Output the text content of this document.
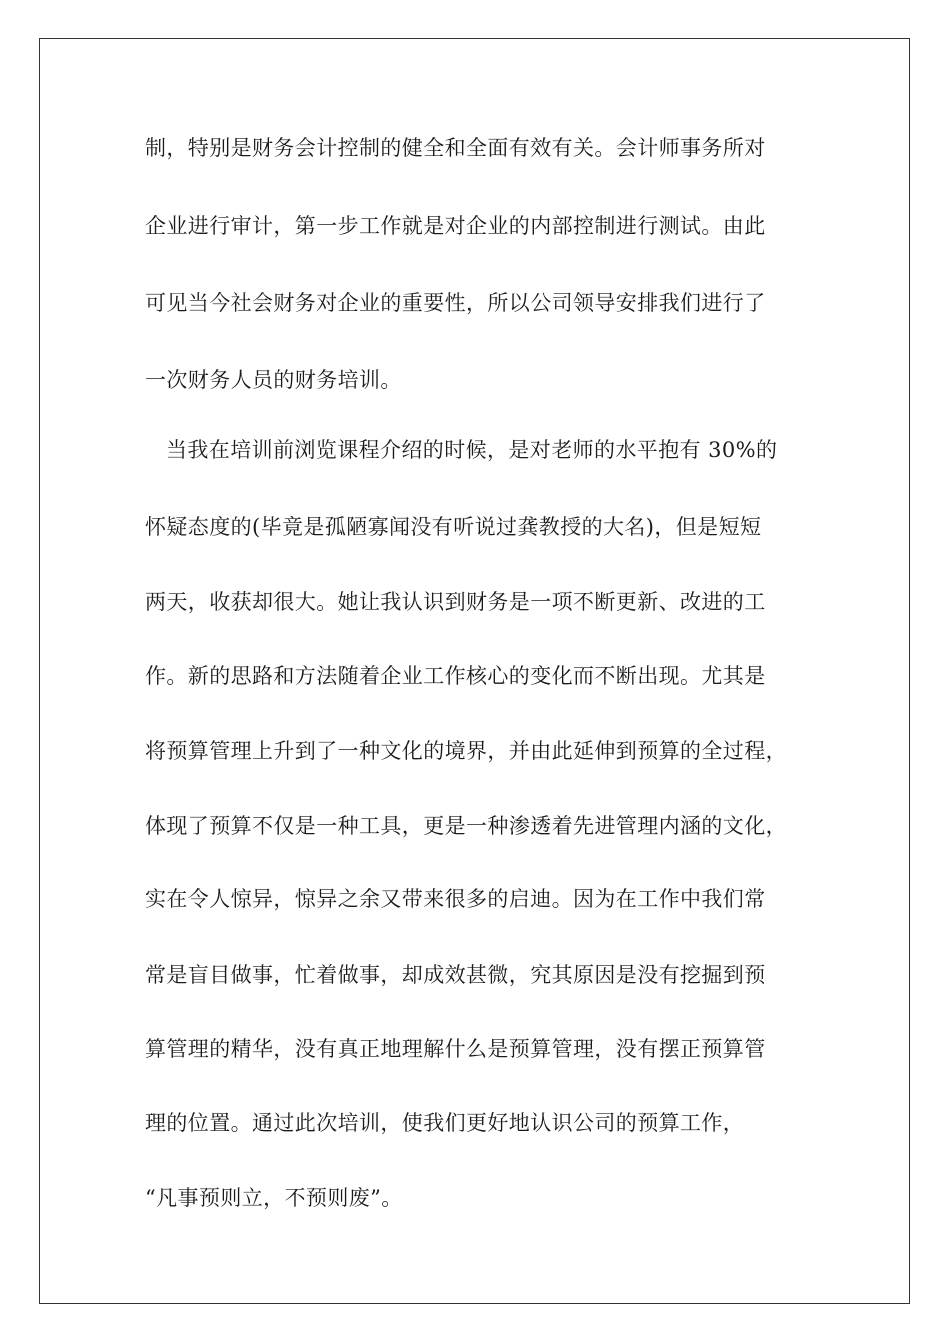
制，特别是财务会计控制的健全和全面有效有关。会计师事务所对
企业进行审计，第一步工作就是对企业的内部控制进行测试。由此
可见当今社会财务对企业的重要性，所以公司领导安排我们进行了
一次财务人员的财务培训。
当我在培训前浏览课程介绍的时候，是对老师的水平抱有 30%的
怀疑态度的(毕竟是孤陋寡闻没有听说过龚教授的大名)，但是短短
两天，收获却很大。她让我认识到财务是一项不断更新、改进的工
作。新的思路和方法随着企业工作核心的变化而不断出现。尤其是
将预算管理上升到了一种文化的境界，并由此延伸到预算的全过程，
体现了预算不仅是一种工具，更是一种渗透着先进管理内涵的文化，
实在令人惊异，惊异之余又带来很多的启迪。因为在工作中我们常
常是盲目做事，忙着做事，却成效甚微，究其原因是没有挖掘到预
算管理的精华，没有真正地理解什么是预算管理，没有摆正预算管
理的位置。通过此次培训，使我们更好地认识公司的预算工作，
“凡事预则立，不预则废”。
